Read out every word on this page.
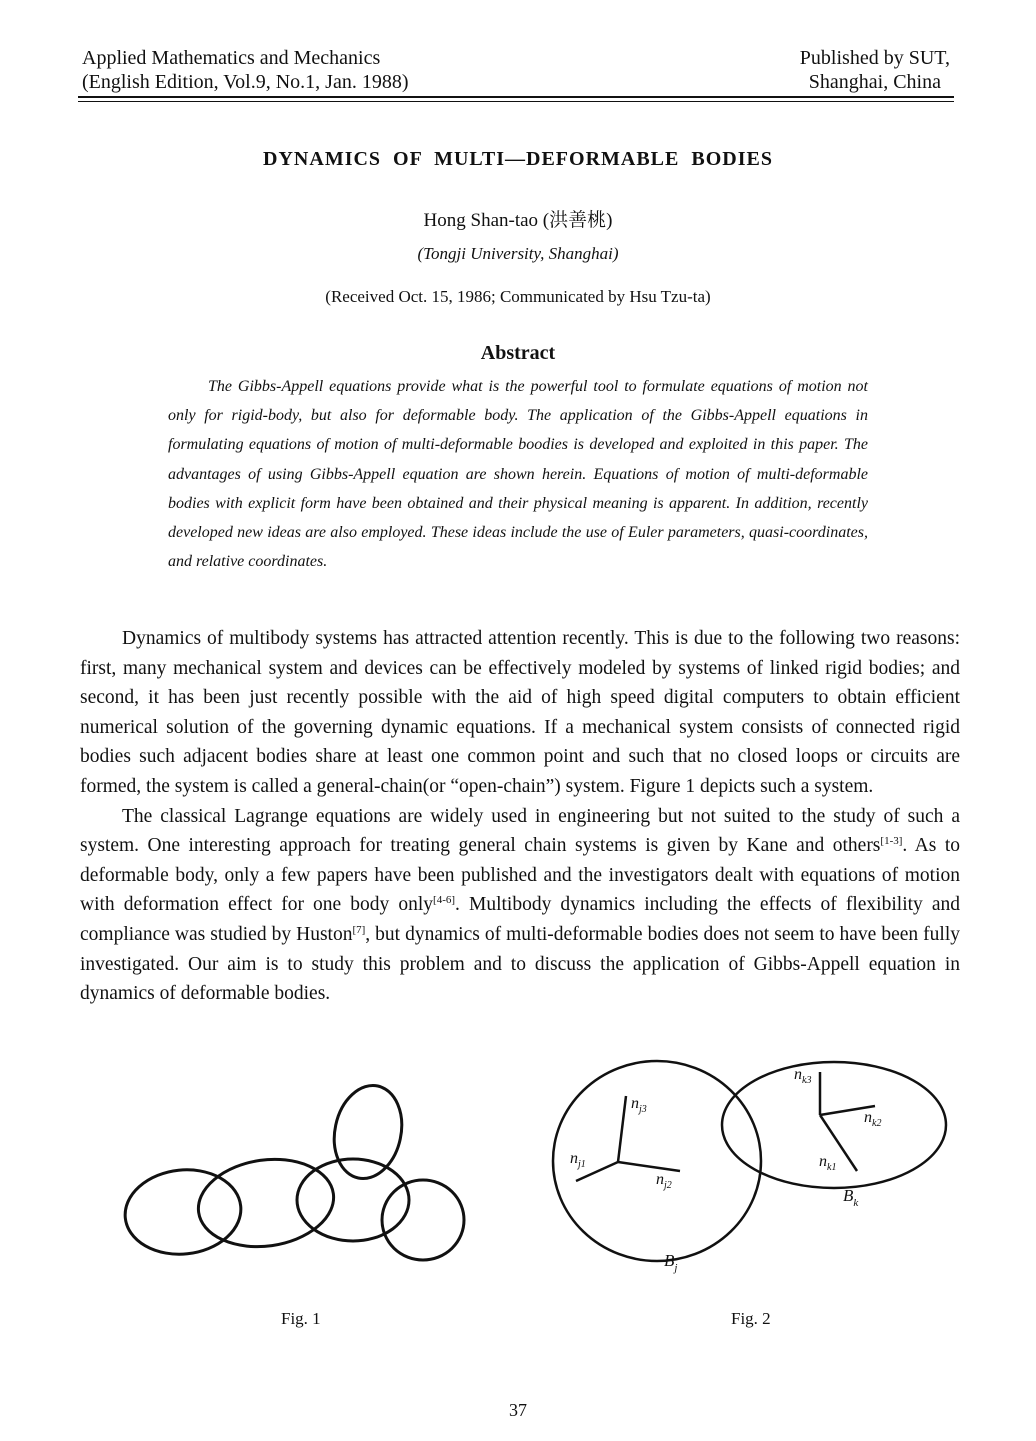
Applied Mathematics and Mechanics
(English Edition, Vol.9, No.1, Jan. 1988)
Published by SUT,
Shanghai, China
DYNAMICS OF MULTI—DEFORMABLE BODIES
Hong Shan-tao (洪善桃)
(Tongji University, Shanghai)
(Received Oct. 15, 1986; Communicated by Hsu Tzu-ta)
Abstract

The Gibbs-Appell equations provide what is the powerful tool to formulate equations of motion not only for rigid-body, but also for deformable body. The application of the Gibbs-Appell equations in formulating equations of motion of multi-deformable boodies is developed and exploited in this paper. The advantages of using Gibbs-Appell equation are shown herein. Equations of motion of multi-deformable bodies with explicit form have been obtained and their physical meaning is apparent. In addition, recently developed new ideas are also employed. These ideas include the use of Euler parameters, quasi-coordinates, and relative coordinates.

Dynamics of multibody systems has attracted attention recently. This is due to the following two reasons: first, many mechanical system and devices can be effectively modeled by systems of linked rigid bodies; and second, it has been just recently possible with the aid of high speed digital computers to obtain efficient numerical solution of the governing dynamic equations. If a mechanical system consists of connected rigid bodies such adjacent bodies share at least one common point and such that no closed loops or circuits are formed, the system is called a general-chain(or “open-chain”) system. Figure 1 depicts such a system.

The classical Lagrange equations are widely used in engineering but not suited to the study of such a system. One interesting approach for treating general chain systems is given by Kane and others[1-3]. As to deformable body, only a few papers have been published and the investigators dealt with equations of motion with deformation effect for one body only[4-6]. Multibody dynamics including the effects of flexibility and compliance was studied by Huston[7], but dynamics of multi-deformable bodies does not seem to have been fully investigated. Our aim is to study this problem and to discuss the application of Gibbs-Appell equation in dynamics of deformable bodies.

$n_{j3}$
$n_{j1}$
$n_{j2}$
$B_j$
$n_{k3}$
$n_{k2}$
$n_{k1}$
$B_k$
Fig. 1	Fig. 2
37
